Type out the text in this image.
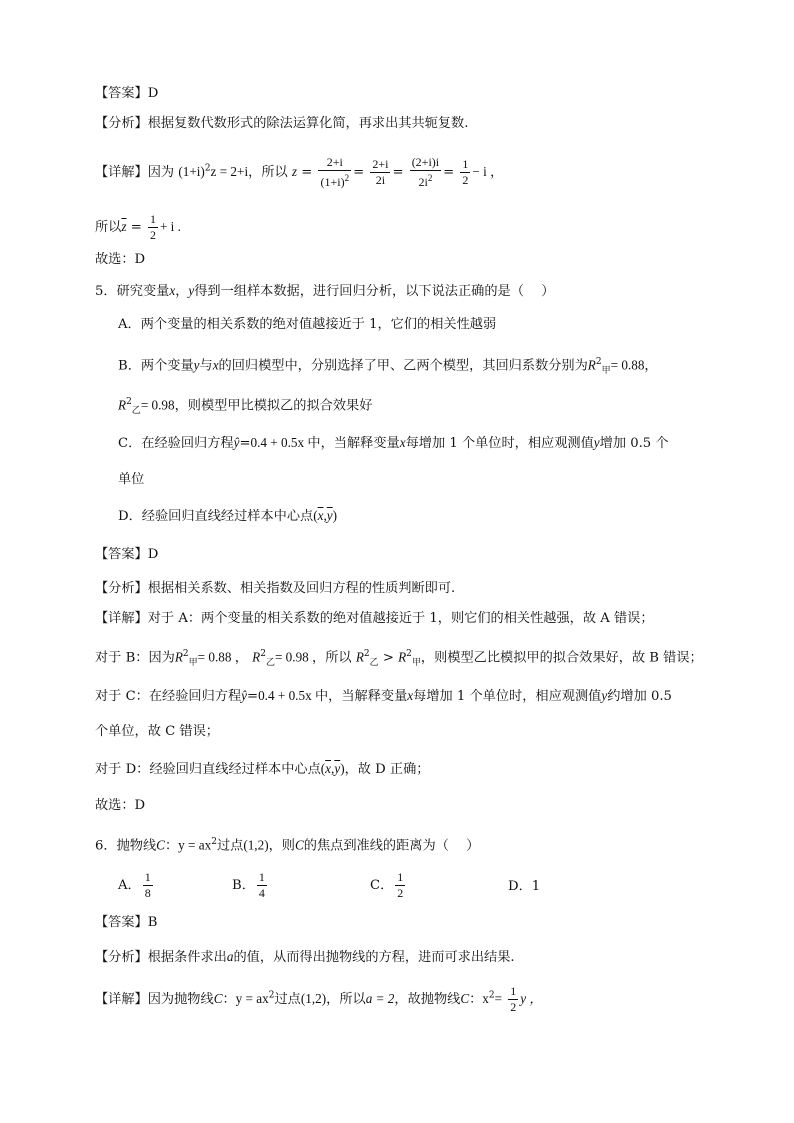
【答案】D
【分析】根据复数代数形式的除法运算化简，再求出其共轭复数.
【详解】因为 $(1+i)^2z = 2+i$，所以 $z = \frac{2+i}{(1+i)^2} = \frac{2+i}{2i} = \frac{(2+i)i}{2i^2} = \frac{1}{2} - i$ ，
所以$\overline{z} = \frac{1}{2} + i$ .
故选：D
5．研究变量x，y得到一组样本数据，进行回归分析，以下说法正确的是（　 ）
A．两个变量的相关系数的绝对值越接近于 1，它们的相关性越弱
B．两个变量y与x的回归模型中，分别选择了甲、乙两个模型，其回归系数分别为$R^2_甲= 0.88$，
$R^2_乙= 0.98$，则模型甲比模拟乙的拟合效果好
C．在经验回归方程ŷ=0.4 + 0.5x 中，当解释变量x每增加 1 个单位时，相应观测值y增加 0.5 个
单位
D．经验回归直线经过样本中心点$(\overline{x},\overline{y})$
【答案】D
【分析】根据相关系数、相关指数及回归方程的性质判断即可.
【详解】对于 A：两个变量的相关系数的绝对值越接近于 1，则它们的相关性越强，故 A 错误；
对于 B：因为$R^2_甲= 0.88$ ， $R^2_乙= 0.98$ ，所以 $R^2_乙 > R^2_甲$，则模型乙比模拟甲的拟合效果好，故 B 错误；
对于 C：在经验回归方程ŷ=0.4 + 0.5x 中，当解释变量x每增加 1 个单位时，相应观测值y约增加 0.5
个单位，故 C 错误；
对于 D：经验回归直线经过样本中心点$(\overline{x},\overline{y})$，故 D 正确；
故选：D
6．抛物线C：$y = ax^2$过点(1,2)，则C的焦点到准线的距离为（　 ）
A． $\frac{1}{8}$	B． $\frac{1}{4}$	C． $\frac{1}{2}$	D．1
【答案】B
【分析】根据条件求出a的值，从而得出抛物线的方程，进而可求出结果.
【详解】因为抛物线C：$y = ax^2$过点(1,2)，所以a = 2，故抛物线C：$x^2= \frac{1}{2}$ y ，
